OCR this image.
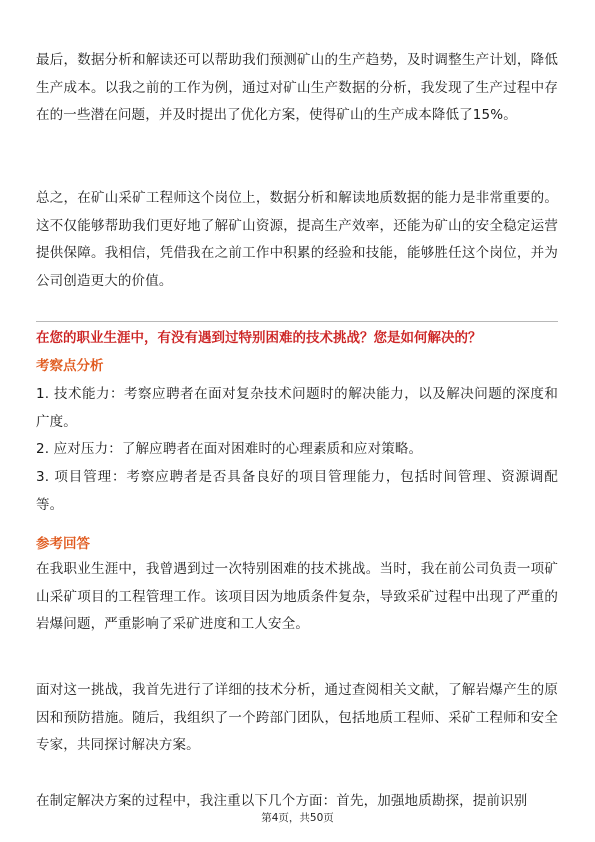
最后，数据分析和解读还可以帮助我们预测矿山的生产趋势，及时调整生产计划，降低生产成本。以我之前的工作为例，通过对矿山生产数据的分析，我发现了生产过程中存在的一些潜在问题，并及时提出了优化方案，使得矿山的生产成本降低了15%。

总之，在矿山采矿工程师这个岗位上，数据分析和解读地质数据的能力是非常重要的。这不仅能够帮助我们更好地了解矿山资源，提高生产效率，还能为矿山的安全稳定运营提供保障。我相信，凭借我在之前工作中积累的经验和技能，能够胜任这个岗位，并为公司创造更大的价值。

在您的职业生涯中，有没有遇到过特别困难的技术挑战？您是如何解决的？

考察点分析

1. 技术能力：考察应聘者在面对复杂技术问题时的解决能力，以及解决问题的深度和广度。

2. 应对压力：了解应聘者在面对困难时的心理素质和应对策略。

3. 项目管理：考察应聘者是否具备良好的项目管理能力，包括时间管理、资源调配等。

参考回答

在我职业生涯中，我曾遇到过一次特别困难的技术挑战。当时，我在前公司负责一项矿山采矿项目的工程管理工作。该项目因为地质条件复杂，导致采矿过程中出现了严重的岩爆问题，严重影响了采矿进度和工人安全。

面对这一挑战，我首先进行了详细的技术分析，通过查阅相关文献，了解岩爆产生的原因和预防措施。随后，我组织了一个跨部门团队，包括地质工程师、采矿工程师和安全专家，共同探讨解决方案。

在制定解决方案的过程中，我注重以下几个方面：首先，加强地质勘探，提前识别

第4页，共50页
